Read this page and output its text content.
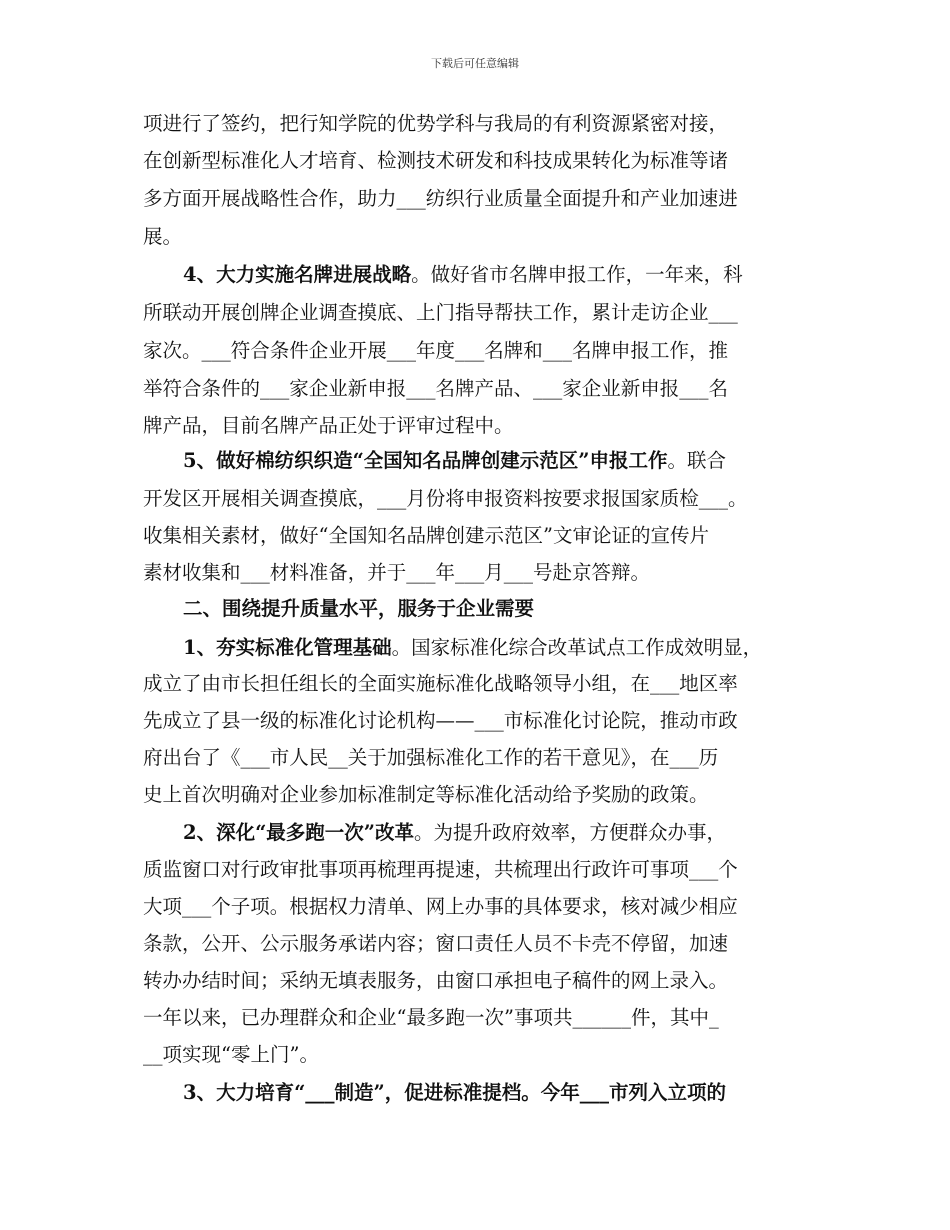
下载后可任意编辑
项进行了签约，把行知学院的优势学科与我局的有利资源紧密对接，
在创新型标准化人才培育、检测技术研发和科技成果转化为标准等诸
多方面开展战略性合作，助力___纺织行业质量全面提升和产业加速进
展。
4、大力实施名牌进展战略。做好省市名牌申报工作，一年来，科
所联动开展创牌企业调查摸底、上门指导帮扶工作，累计走访企业___
家次。___符合条件企业开展___年度___名牌和___名牌申报工作，推
举符合条件的___家企业新申报___名牌产品、___家企业新申报___名
牌产品，目前名牌产品正处于评审过程中。
5、做好棉纺织织造“全国知名品牌创建示范区”申报工作。联合
开发区开展相关调查摸底，___月份将申报资料按要求报国家质检___。
收集相关素材，做好“全国知名品牌创建示范区”文审论证的宣传片
素材收集和___材料准备，并于___年___月___号赴京答辩。
二、围绕提升质量水平，服务于企业需要
1、夯实标准化管理基础。国家标准化综合改革试点工作成效明显，
成立了由市长担任组长的全面实施标准化战略领导小组，在___地区率
先成立了县一级的标准化讨论机构——___市标准化讨论院，推动市政
府出台了《___市人民__关于加强标准化工作的若干意见》，在___历
史上首次明确对企业参加标准制定等标准化活动给予奖励的政策。
2、深化“最多跑一次”改革。为提升政府效率，方便群众办事，
质监窗口对行政审批事项再梳理再提速，共梳理出行政许可事项___个
大项___个子项。根据权力清单、网上办事的具体要求，核对减少相应
条款，公开、公示服务承诺内容；窗口责任人员不卡壳不停留，加速
转办办结时间；采纳无填表服务，由窗口承担电子稿件的网上录入。
一年以来，已办理群众和企业“最多跑一次”事项共______件，其中_
__项实现“零上门”。
3、大力培育“___制造”，促进标准提档。今年___市列入立项的
